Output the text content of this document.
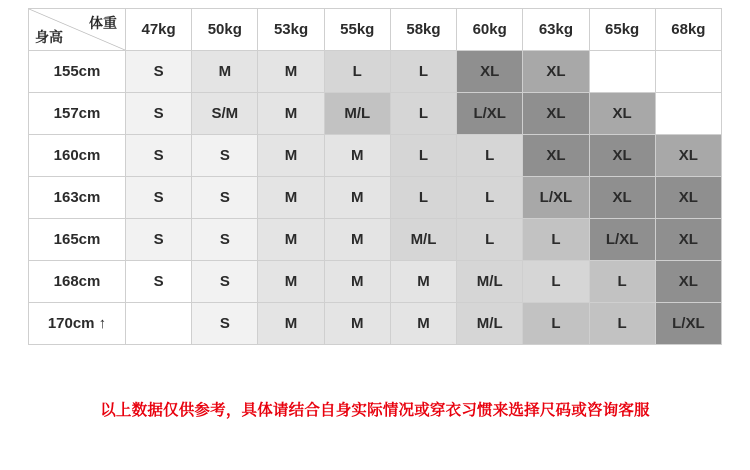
体重
身高	47kg	50kg	53kg	55kg	58kg	60kg	63kg	65kg	68kg
155cm	S	M	M	L	L	XL	XL		
157cm	S	S/M	M	M/L	L	L/XL	XL	XL	
160cm	S	S	M	M	L	L	XL	XL	XL
163cm	S	S	M	M	L	L	L/XL	XL	XL
165cm	S	S	M	M	M/L	L	L	L/XL	XL
168cm	S	S	M	M	M	M/L	L	L	XL
170cm ↑		S	M	M	M	M/L	L	L	L/XL
以上数据仅供参考，具体请结合自身实际情况或穿衣习惯来选择尺码或咨询客服
